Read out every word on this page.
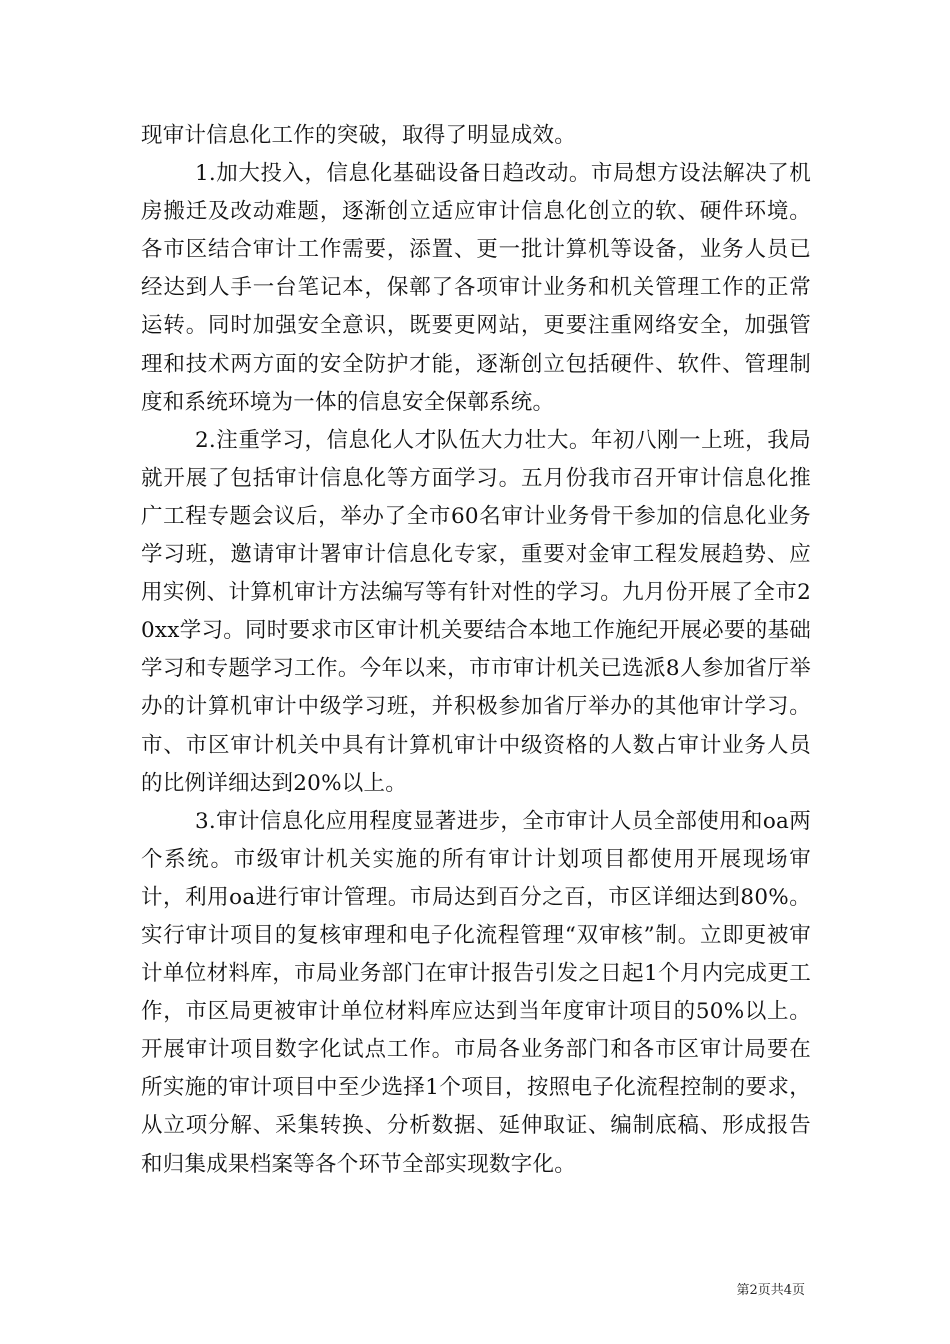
现审计信息化工作的突破，取得了明显成效。

1.加大投入，信息化基础设备日趋改动。市局想方设法解决了机房搬迁及改动难题，逐渐创立适应审计信息化创立的软、硬件环境。各市区结合审计工作需要，添置、更一批计算机等设备，业务人员已经达到人手一台笔记本，保鄣了各项审计业务和机关管理工作的正常运转。同时加强安全意识，既要更网站，更要注重网络安全，加强管理和技术两方面的安全防护才能，逐渐创立包括硬件、软件、管理制度和系统环境为一体的信息安全保鄣系统。

2.注重学习，信息化人才队伍大力壮大。年初八刚一上班，我局就开展了包括审计信息化等方面学习。五月份我市召开审计信息化推广工程专题会议后，举办了全市60名审计业务骨干参加的信息化业务学习班，邀请审计署审计信息化专家，重要对金审工程发展趋势、应用实例、计算机审计方法编写等有针对性的学习。九月份开展了全市20xx学习。同时要求市区审计机关要结合本地工作施纪开展必要的基础学习和专题学习工作。今年以来，市市审计机关已选派8人参加省厅举办的计算机审计中级学习班，并积极参加省厅举办的其他审计学习。市、市区审计机关中具有计算机审计中级资格的人数占审计业务人员的比例详细达到20%以上。

3.审计信息化应用程度显著进步，全市审计人员全部使用和oa两个系统。市级审计机关实施的所有审计计划项目都使用开展现场审计，利用oa进行审计管理。市局达到百分之百，市区详细达到80%。实行审计项目的复核审理和电子化流程管理“双审核”制。立即更被审计单位材料库，市局业务部门在审计报告引发之日起1个月内完成更工作，市区局更被审计单位材料库应达到当年度审计项目的50%以上。开展审计项目数字化试点工作。市局各业务部门和各市区审计局要在所实施的审计项目中至少选择1个项目，按照电子化流程控制的要求，从立项分解、采集转换、分析数据、延伸取证、编制底稿、形成报告和归集成果档案等各个环节全部实现数字化。

第2页共4页
